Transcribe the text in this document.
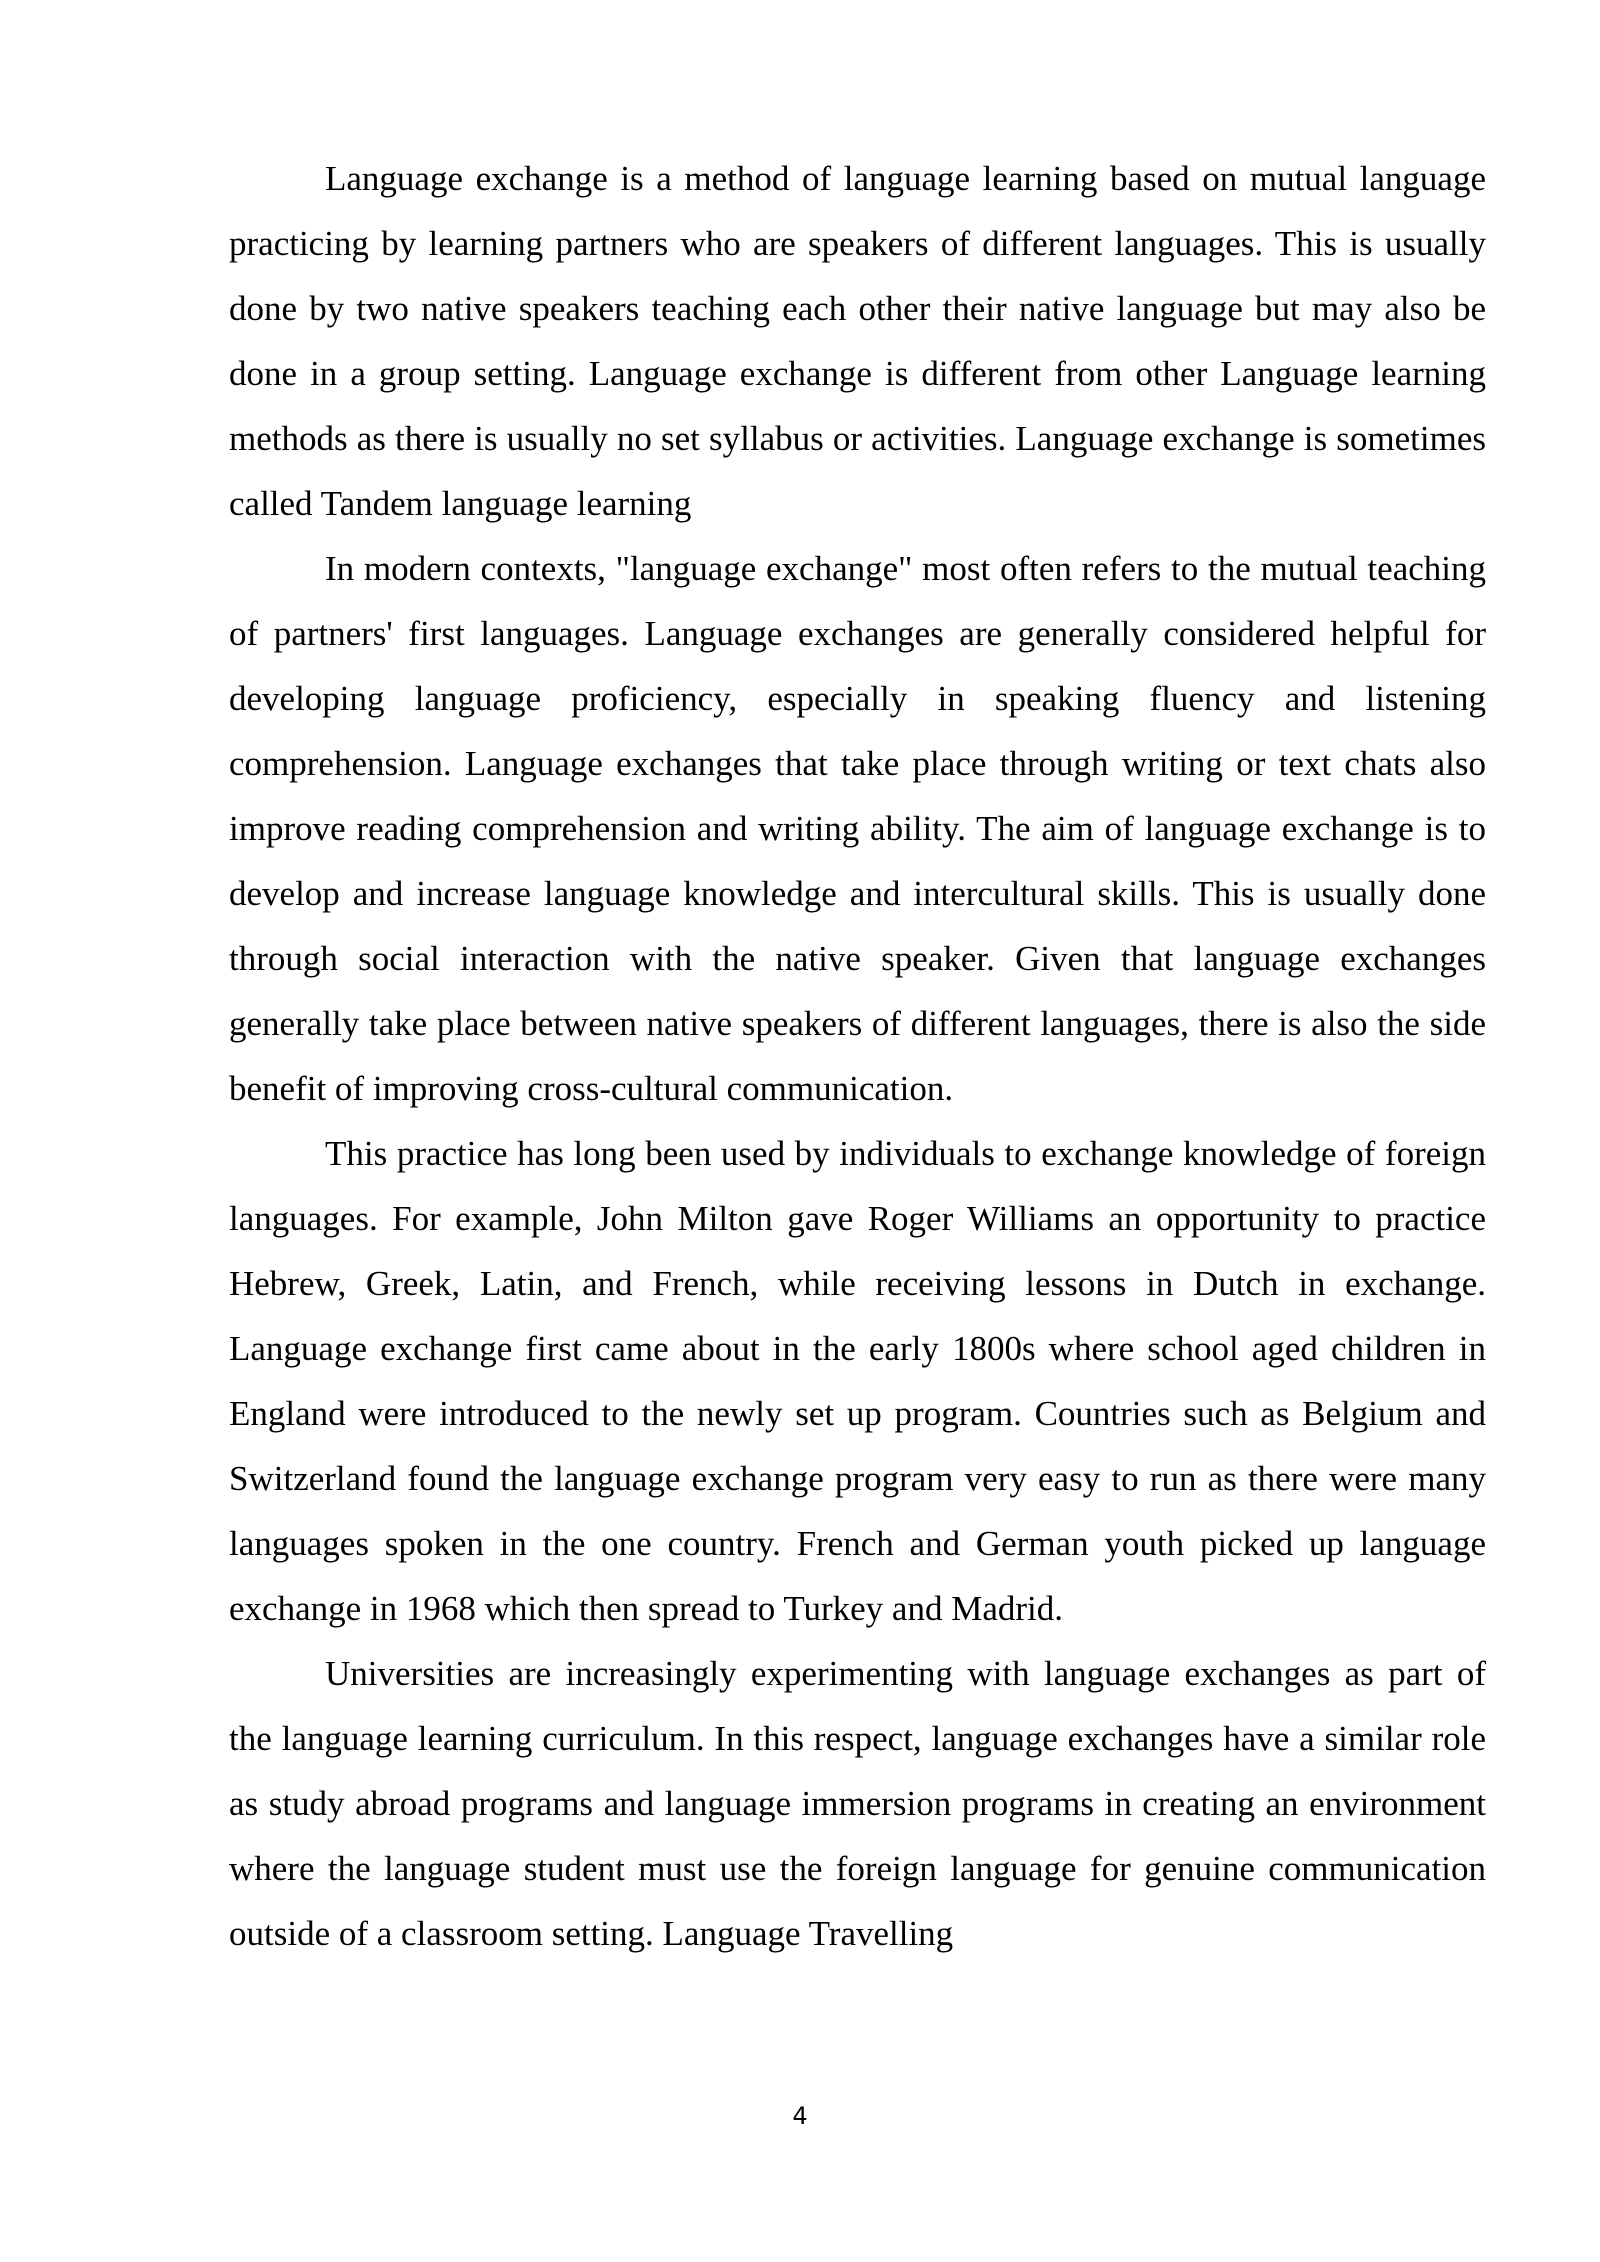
Language exchange is a method of language learning based on mutual language practicing by learning partners who are speakers of different languages. This is usually done by two native speakers teaching each other their native language but may also be done in a group setting. Language exchange is different from other Language learning methods as there is usually no set syllabus or activities. Language exchange is sometimes called Tandem language learning

In modern contexts, "language exchange" most often refers to the mutual teaching of partners' first languages. Language exchanges are generally considered helpful for developing language proficiency, especially in speaking fluency and listening comprehension. Language exchanges that take place through writing or text chats also improve reading comprehension and writing ability. The aim of language exchange is to develop and increase language knowledge and intercultural skills. This is usually done through social interaction with the native speaker. Given that language exchanges generally take place between native speakers of different languages, there is also the side benefit of improving cross-cultural communication.

This practice has long been used by individuals to exchange knowledge of foreign languages. For example, John Milton gave Roger Williams an opportunity to practice Hebrew, Greek, Latin, and French, while receiving lessons in Dutch in exchange. Language exchange first came about in the early 1800s where school aged children in England were introduced to the newly set up program. Countries such as Belgium and Switzerland found the language exchange program very easy to run as there were many languages spoken in the one country. French and German youth picked up language exchange in 1968 which then spread to Turkey and Madrid.

Universities are increasingly experimenting with language exchanges as part of the language learning curriculum. In this respect, language exchanges have a similar role as study abroad programs and language immersion programs in creating an environment where the language student must use the foreign language for genuine communication outside of a classroom setting. Language Travelling

4
